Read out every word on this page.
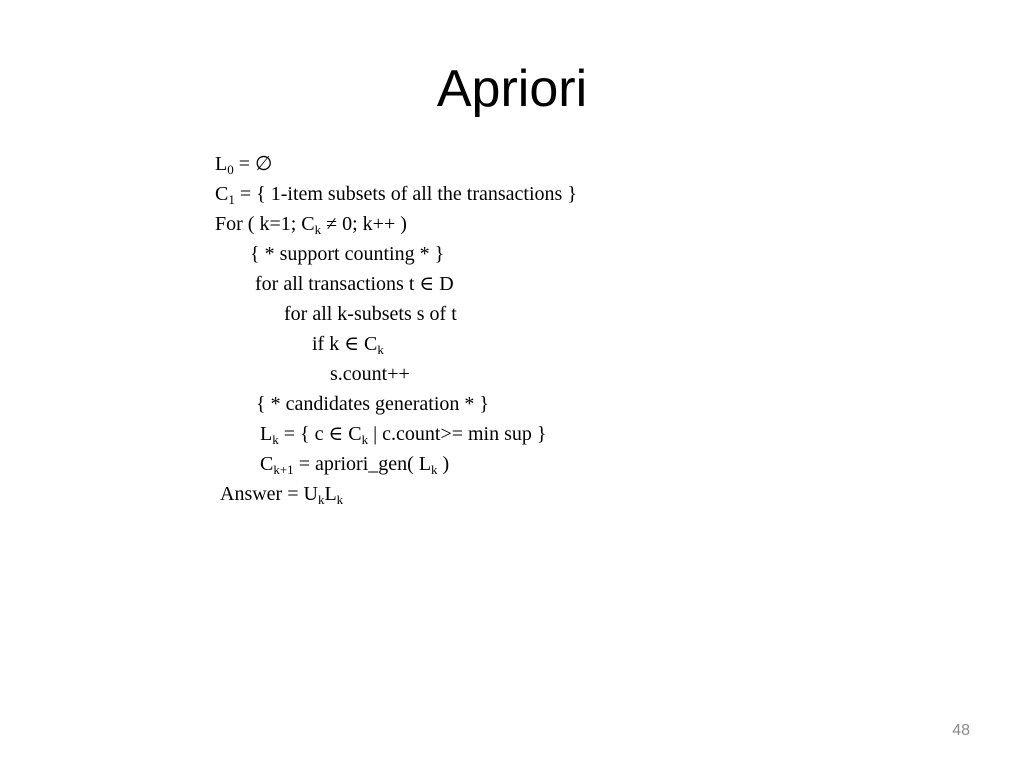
Apriori
$L_0$ = ∅
$C_1$ = { 1-item subsets of all the transactions }
For ( k=1; $C_k \ne 0$; k++ )
{ * support counting * }
for all transactions t ∈ D
for all k-subsets s of t
if k ∈ $C_k$
s.count++
{ * candidates generation * }
$L_k$ = { c ∈ $C_k$ | c.count>= min sup }
$C_{k+1}$ = apriori_gen( $L_k$ )
Answer = $U_kL_k$
48
